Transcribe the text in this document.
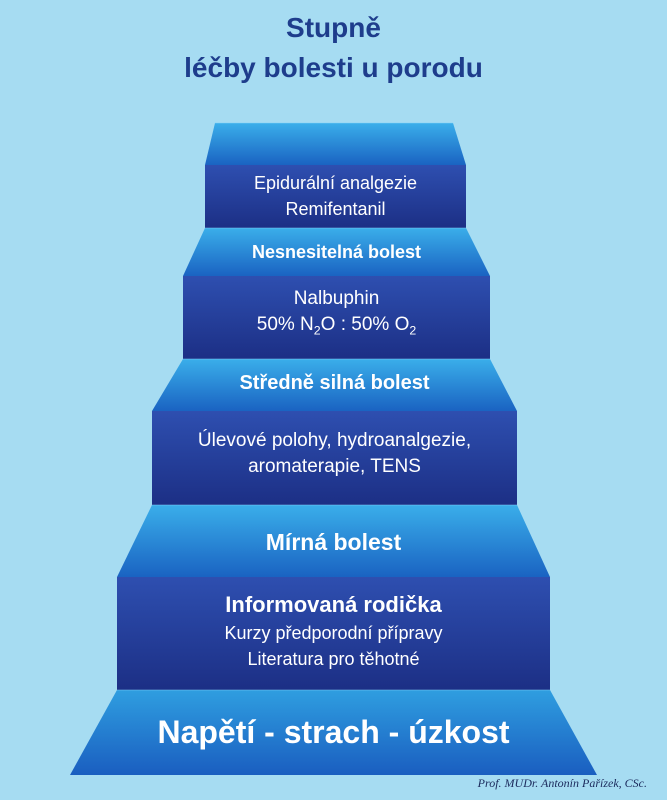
Stupně
léčby bolesti u porodu
Epidurální analgezie
Remifentanil
Nesnesitelná bolest
Nalbuphin
50% $N_2O$ : 50% $O_2$
Středně silná bolest
Úlevové polohy, hydroanalgezie,
aromaterapie, TENS
Mírná bolest
Informovaná rodička
Kurzy předporodní přípravy
Literatura pro těhotné
Napětí - strach - úzkost
Prof. MUDr. Antonín Pařízek, CSc.
